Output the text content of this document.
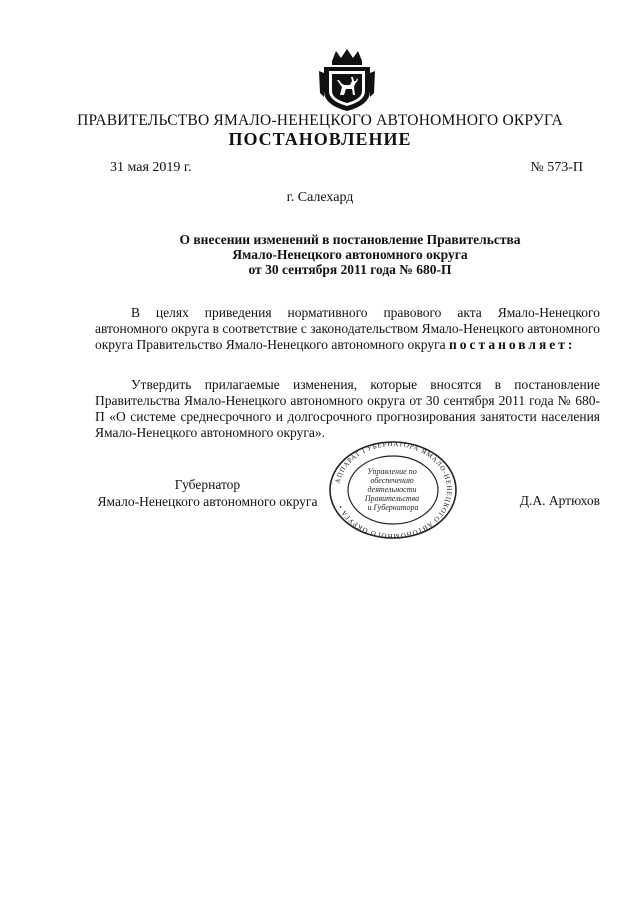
ПРАВИТЕЛЬСТВО ЯМАЛО-НЕНЕЦКОГО АВТОНОМНОГО ОКРУГА
ПОСТАНОВЛЕНИЕ
31 мая 2019 г.	№ 573-П
г. Салехард
О внесении изменений в постановление Правительства
Ямало-Ненецкого автономного округа
от 30 сентября 2011 года № 680-П
В целях приведения нормативного правового акта Ямало-Ненецкого автономного округа в соответствие с законодательством Ямало-Ненецкого автономного округа Правительство Ямало-Ненецкого автономного округа постановляет:
Утвердить прилагаемые изменения, которые вносятся в постановление Правительства Ямало-Ненецкого автономного округа от 30 сентября 2011 года № 680-П «О системе среднесрочного и долгосрочного прогнозирования занятости населения Ямало-Ненецкого автономного округа».
Губернатор
Ямало-Ненецкого автономного округа	Д.А. Артюхов
АППАРАТ ГУБЕРНАТОРА ЯМАЛО-НЕНЕЦКОГО АВТОНОМНОГО ОКРУГА •
Управление по обеспечению деятельности Правительства и Губернатора
